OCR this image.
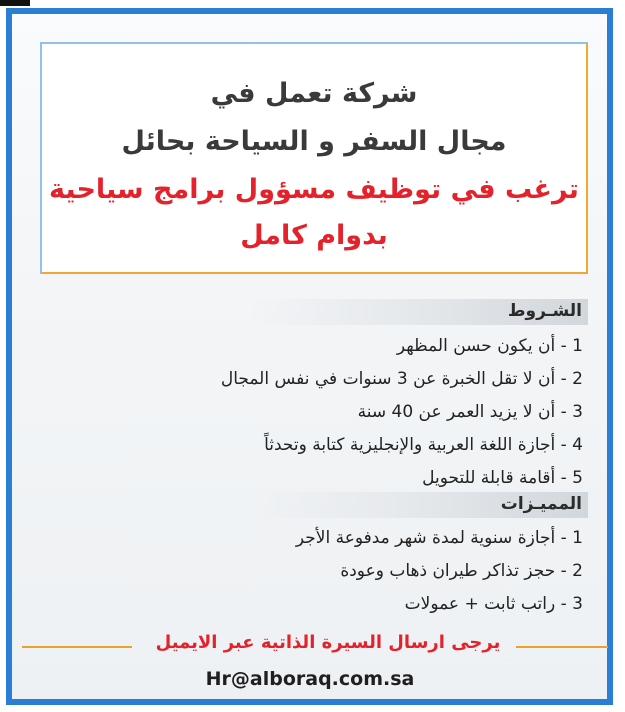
شركة تعمل في
مجال السفر و السياحة بحائل
ترغب في توظيف مسؤول برامج سياحية
بدوام كامل
الشـروط
1 - أن يكون حسن المظهر
2 - أن لا تقل الخبرة عن 3 سنوات في نفس المجال
3 - أن لا يزيد العمر عن 40 سنة
4 - أجازة اللغة العربية والإنجليزية كتابة وتحدثاً
5 - أقامة قابلة للتحويل
المميـزات
1 - أجازة سنوية لمدة شهر مدفوعة الأجر
2 - حجز تذاكر طيران ذهاب وعودة
3 - راتب ثابت + عمولات
يرجى ارسال السيرة الذاتية عبر الايميل
Hr@alboraq.com.sa
